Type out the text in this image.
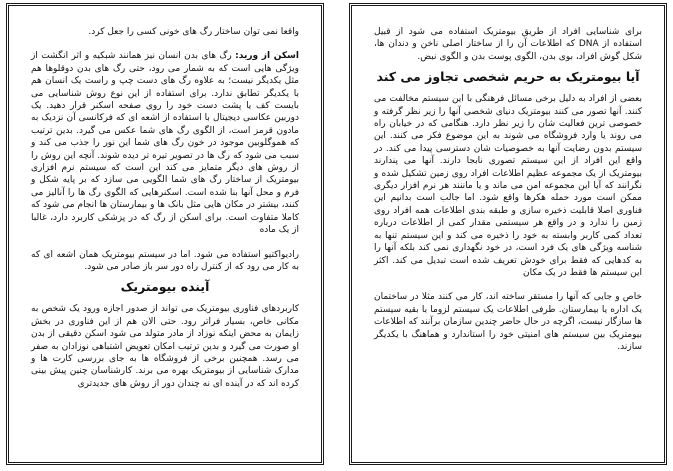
واقعا نمی توان ساختار رگ های خونی کسی را جعل کرد.

اسکن از ورید: رگ های بدن انسان نیز همانند شبکیه و اثر انگشت از ویژگی هایی است که به شمار می رود، حتی رگ های بدن دوقلوها هم مثل یکدیگر نیست؛ به علاوه رگ های دست چپ و راست یک انسان هم با یکدیگر تطابق ندارد. برای استفاده از این نوع روش شناسایی می بایست کف یا پشت دست خود را روی صفحه اسکنر قرار دهید. یک دوربین عکاسی دیجیتال با استفاده از اشعه ای که فرکانسی آن نزدیک به مادون قرمز است، از الگوی رگ های شما عکس می گیرد. بدین ترتیب که هموگلوبین موجود در خون رگ های شما این نور را جذب می کند و سبب می شود که رگ ها در تصویر تیره تر دیده شوند. آنچه این روش را از روش های دیگر متمایز می کند این است که سیستم نرم افزاری بیومتریک از ساختار رگ های شما الگویی می سازد که بر پایه شکل و فرم و محل آنها بنا شده است. اسکنرهایی که الگوی رگ ها را آنالیز می کنند، بیشتر در مکان هایی مثل بانک ها و بیمارستان ها انجام می شود که کاملا متفاوت است. برای اسکن از رگ که در پزشکی کاربرد دارد، غالبا از یک ماده

رادیواکتیو استفاده می شود. اما در سیستم بیومتریک همان اشعه ای که به کار می رود که از کنترل راه دور سر باز صادر می شود.

آینده بیومتریک

کاربردهای فناوری بیومتریک می تواند از صدور اجازه ورود یک شخص به مکانی خاص، بسیار فراتر رود. حتی الان هم از این فناوری در بخش زایمان به محض اینکه نوزاد از مادر متولد می شود اسکن دقیقی از بدن او صورت می گیرد و بدین ترتیب امکان تعویض اشتباهی نوزادان به صفر می رسد. همچنین برخی از فروشگاه ها به جای بررسی کارت ها و مدارک شناسایی از بیومتریک بهره می برند. کارشناسان چنین پیش بینی کرده اند که در آینده ای نه چندان دور از روش های جدیدتری

برای شناسایی افراد از طریق بیومتریک استفاده می شود از قبیل استفاده از DNA که اطلاعات آن را از ساختار اصلی ناخن و دندان ها، شکل گوش افراد، بوی بدن، الگوی پوست بدن و الگوی نبض.

آیا بیومتریک به حریم شخصی تجاوز می کند

بعضی از افراد به دلیل برخی مسائل فرهنگی با این سیستم مخالفت می کنند. آنها تصور می کنند بیومتریک دنیای شخصی آنها را زیر نظر گرفته و خصوصی ترین فعالیت شان را زیر نظر دارد. هنگامی که در خیابان راه می روند یا وارد فروشگاه می شوند به این موضوع فکر می کنند. این سیستم بدون رضایت آنها به خصوصیات شان دسترسی پیدا می کند. در واقع این افراد از این سیستم تصوری نابجا دارند. آنها می پندارند بیومتریک از یک مجموعه عظیم اطلاعات افراد روی زمین تشکیل شده و نگرانند که آیا این مجموعه امن می ماند و یا ماننند هر نرم افزار دیگری ممکن است مورد حمله هکرها واقع شود. اما جالب است بدانیم این فناوری اصلا قابلیت ذخیره سازی و طبقه بندی اطلاعات همه افراد روی زمین را ندارد و در واقع هر سیستمی مقدار کمی از اطلاعات درباره تعداد کمی کاربر وابسته به خود را ذخیره می کند و این سیستم تنها به شناسه ویژگی های یک فرد است، در خود نگهداری نمی کند بلکه آنها را به کدهایی که فقط برای خودش تعریف شده است تبدیل می کند. اکثر این سیستم ها فقط در یک مکان

خاص و جایی که آنها را مستقر ساخته اند، کار می کنند مثلا در ساختمان یک اداره یا بیمارستان. طرفی اطلاعات یک سیستم لزوما با بقیه سیستم ها سازگار نیست، اگرچه در حال حاضر چندین سازمان برآنند که اطلاعات بیومتریک بین سیستم های امنیتی خود را استاندارد و هماهنگ با یکدیگر سازند.
